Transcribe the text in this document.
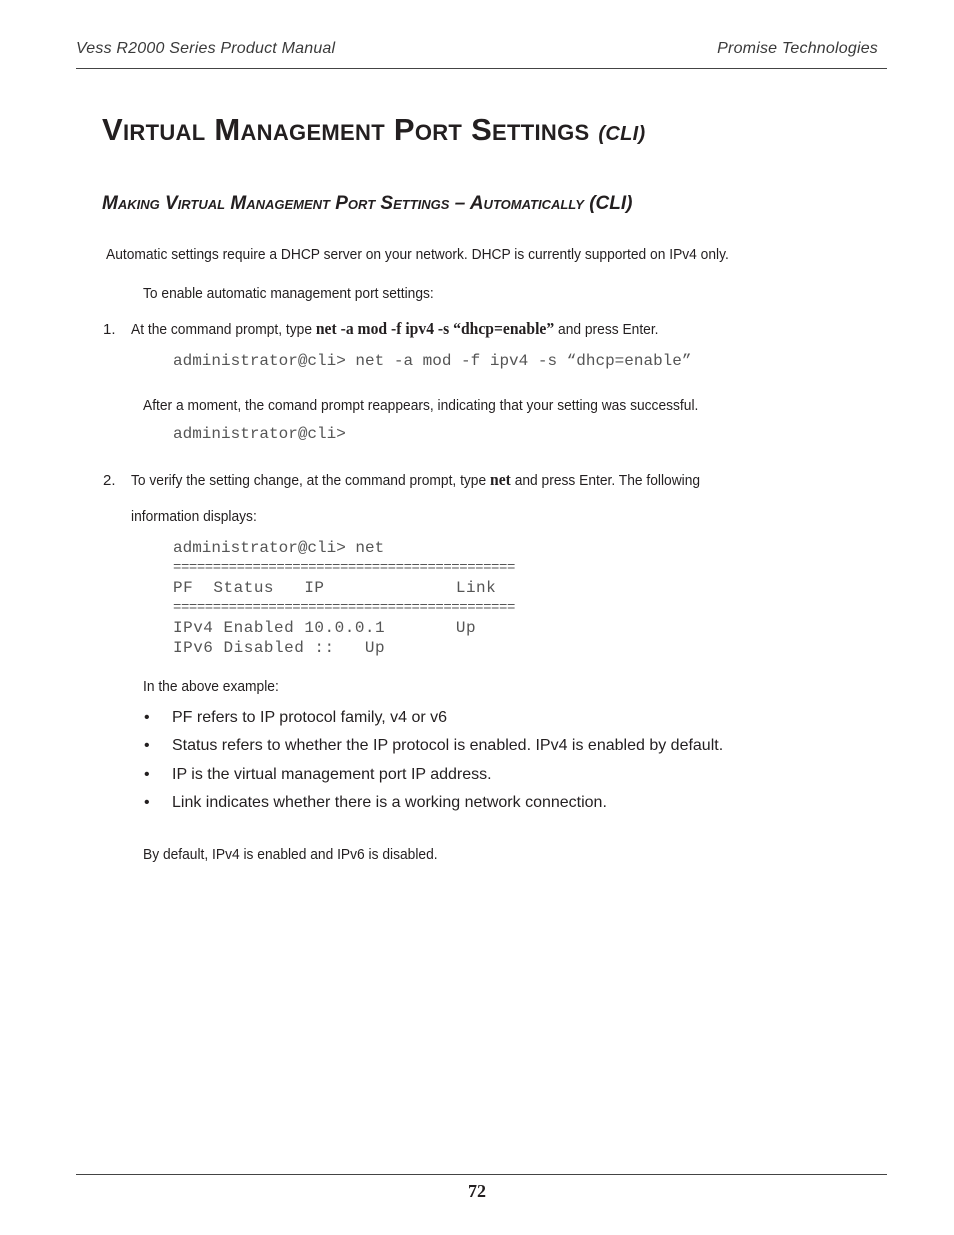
Vess R2000 Series Product Manual	Promise Technologies
Virtual Management Port Settings (CLI)
Making Virtual Management Port Settings – Automatically (CLI)
Automatic settings require a DHCP server on your network. DHCP is currently supported on IPv4 only.
To enable automatic management port settings:
1. At the command prompt, type net -a mod -f ipv4 -s “dhcp=enable” and press Enter.
administrator@cli> net -a mod -f ipv4 -s “dhcp=enable”
After a moment, the comand prompt reappears, indicating that your setting was successful.
administrator@cli>
2. To verify the setting change, at the command prompt, type net and press Enter. The following
information displays:
administrator@cli> net
===========================================
PF  Status   IP             Link
===========================================
IPv4 Enabled 10.0.0.1       Up
IPv6 Disabled ::   Up
In the above example:
• PF refers to IP protocol family, v4 or v6
• Status refers to whether the IP protocol is enabled. IPv4 is enabled by default.
• IP is the virtual management port IP address.
• Link indicates whether there is a working network connection.
By default, IPv4 is enabled and IPv6 is disabled.
72
